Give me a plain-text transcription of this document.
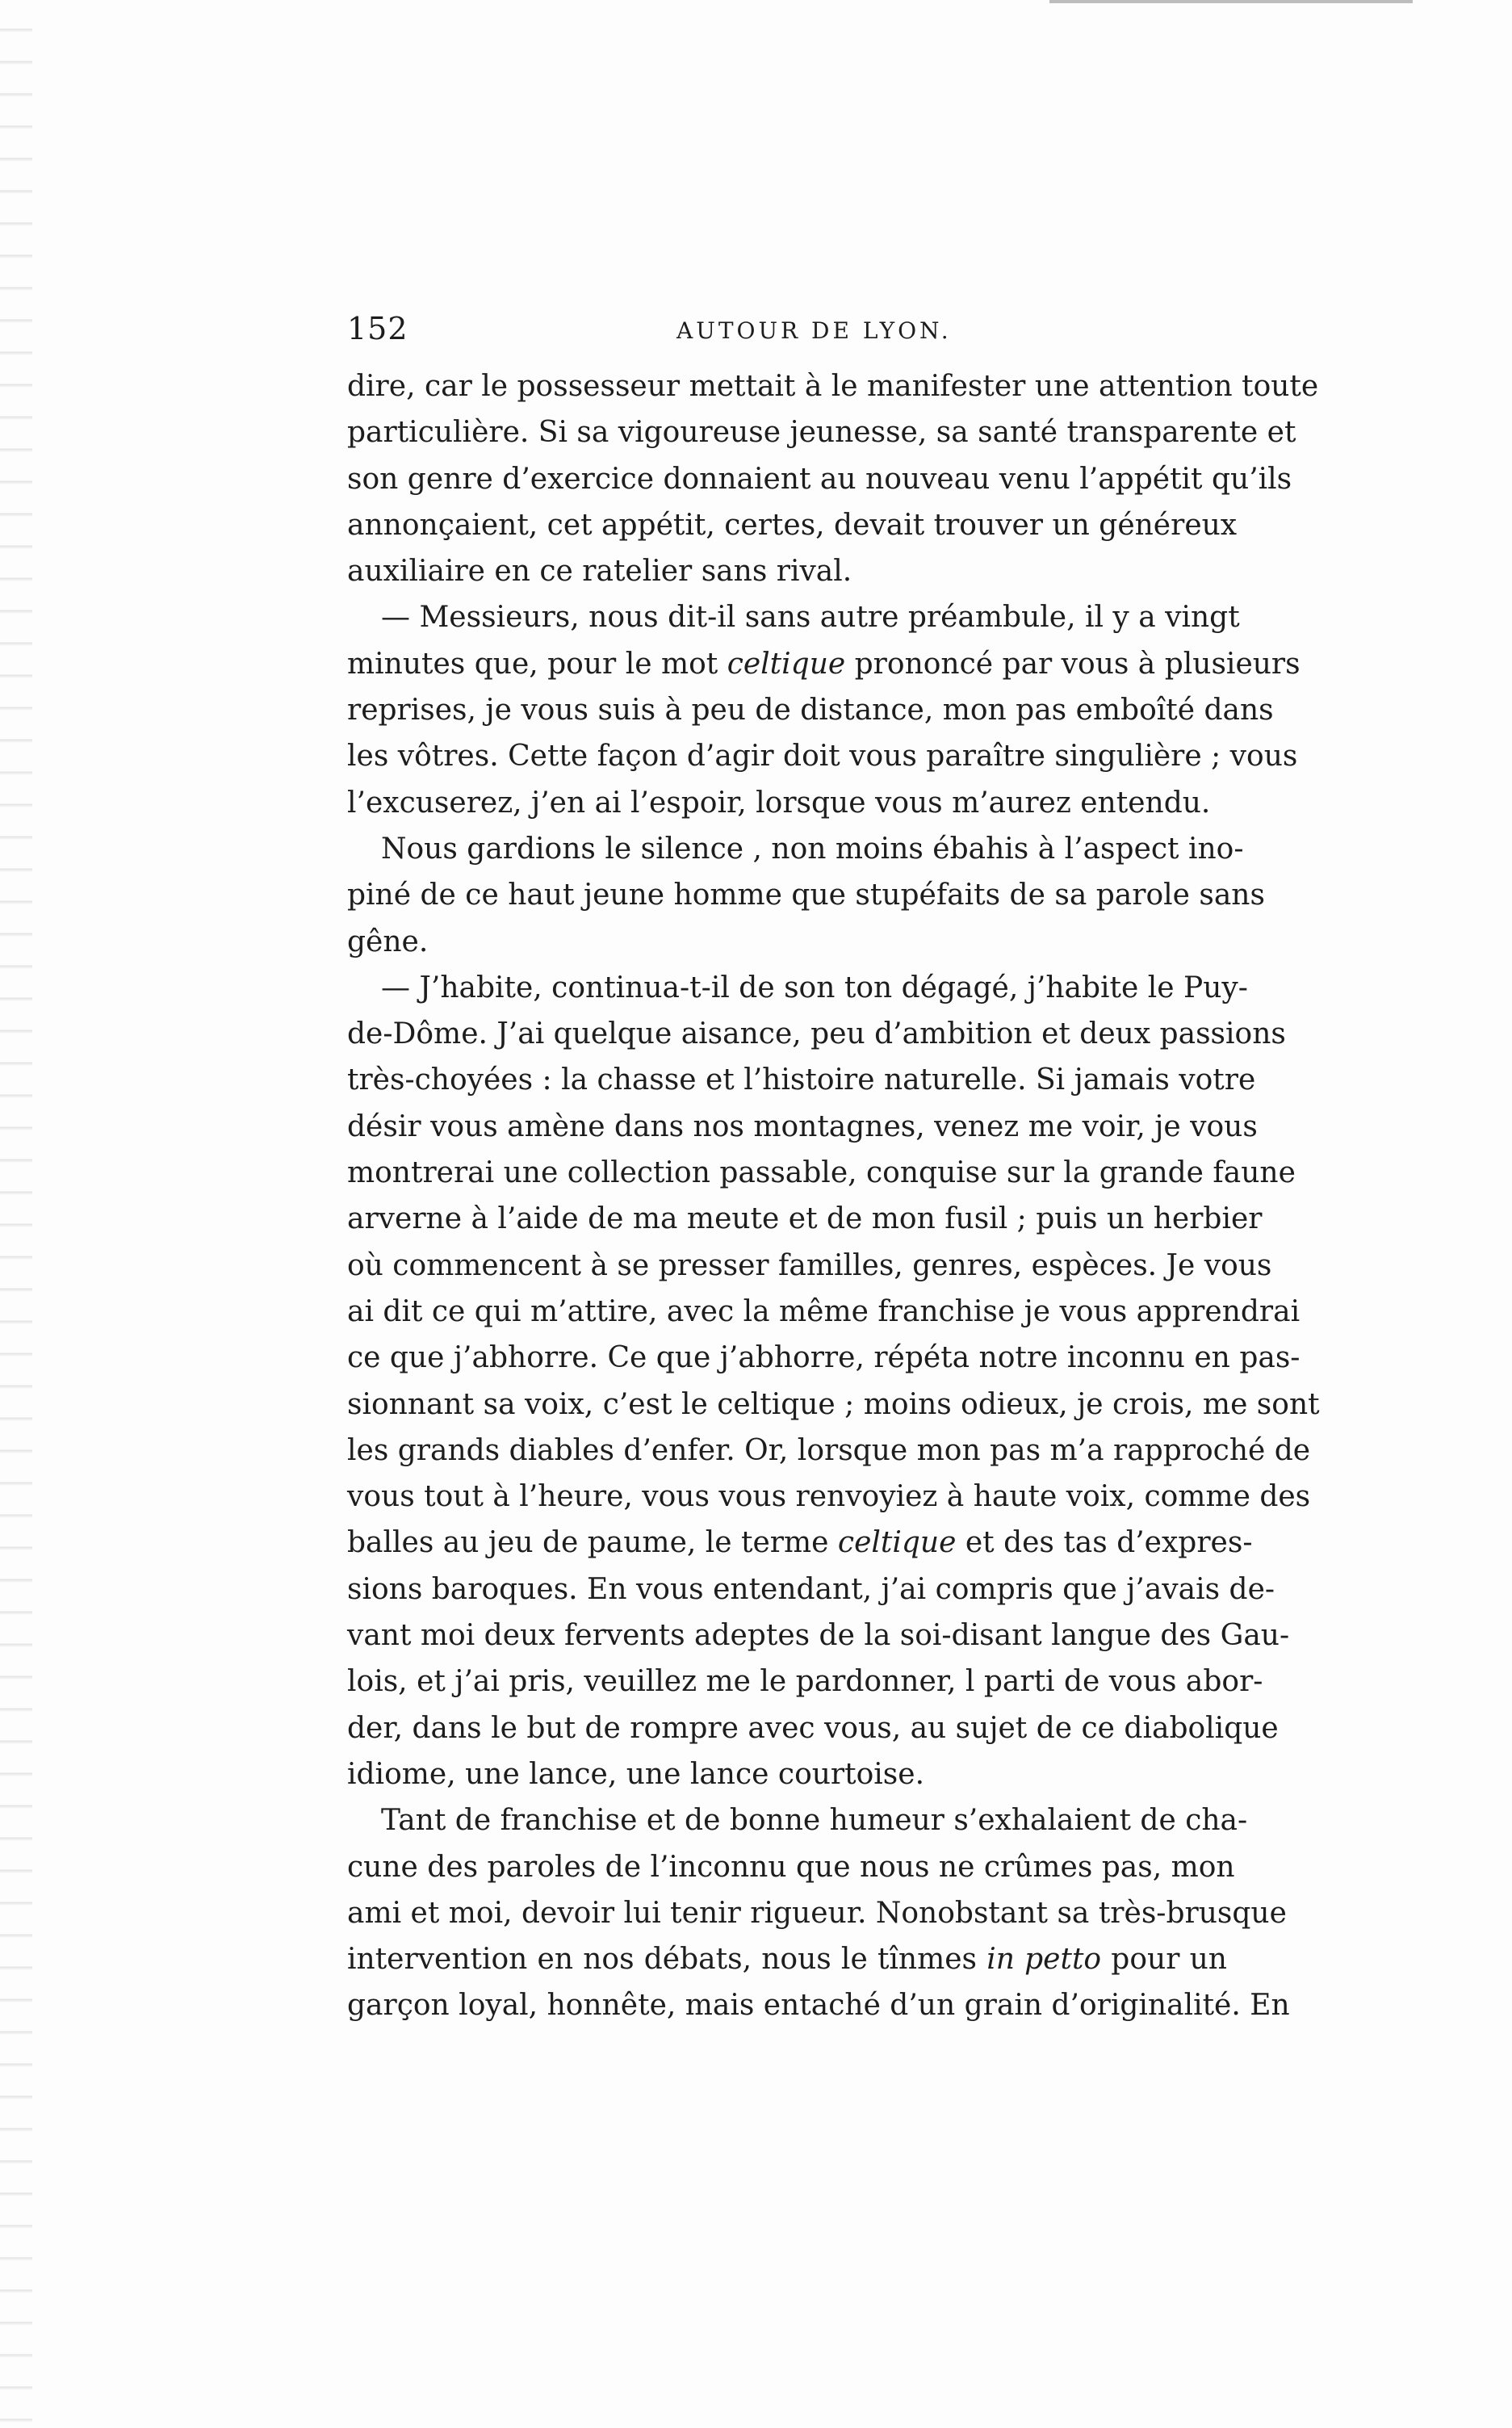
152	AUTOUR DE LYON.
dire, car le possesseur mettait à le manifester une attention toute
particulière. Si sa vigoureuse jeunesse, sa santé transparente et
son genre d’exercice donnaient au nouveau venu l’appétit qu’ils
annonçaient, cet appétit, certes, devait trouver un généreux
auxiliaire en ce ratelier sans rival.
— Messieurs, nous dit-il sans autre préambule, il y a vingt
minutes que, pour le mot celtique prononcé par vous à plusieurs
reprises, je vous suis à peu de distance, mon pas emboîté dans
les vôtres. Cette façon d’agir doit vous paraître singulière ; vous
l’excuserez, j’en ai l’espoir, lorsque vous m’aurez entendu.
Nous gardions le silence , non moins ébahis à l’aspect ino-
piné de ce haut jeune homme que stupéfaits de sa parole sans
gêne.
— J’habite, continua-t-il de son ton dégagé, j’habite le Puy-
de-Dôme. J’ai quelque aisance, peu d’ambition et deux passions
très-choyées : la chasse et l’histoire naturelle. Si jamais votre
désir vous amène dans nos montagnes, venez me voir, je vous
montrerai une collection passable, conquise sur la grande faune
arverne à l’aide de ma meute et de mon fusil ; puis un herbier
où commencent à se presser familles, genres, espèces. Je vous
ai dit ce qui m’attire, avec la même franchise je vous apprendrai
ce que j’abhorre. Ce que j’abhorre, répéta notre inconnu en pas-
sionnant sa voix, c’est le celtique ; moins odieux, je crois, me sont
les grands diables d’enfer. Or, lorsque mon pas m’a rapproché de
vous tout à l’heure, vous vous renvoyiez à haute voix, comme des
balles au jeu de paume, le terme celtique et des tas d’expres-
sions baroques. En vous entendant, j’ai compris que j’avais de-
vant moi deux fervents adeptes de la soi-disant langue des Gau-
lois, et j’ai pris, veuillez me le pardonner, l parti de vous abor-
der, dans le but de rompre avec vous, au sujet de ce diabolique
idiome, une lance, une lance courtoise.
Tant de franchise et de bonne humeur s’exhalaient de cha-
cune des paroles de l’inconnu que nous ne crûmes pas, mon
ami et moi, devoir lui tenir rigueur. Nonobstant sa très-brusque
intervention en nos débats, nous le tînmes in petto pour un
garçon loyal, honnête, mais entaché d’un grain d’originalité. En
